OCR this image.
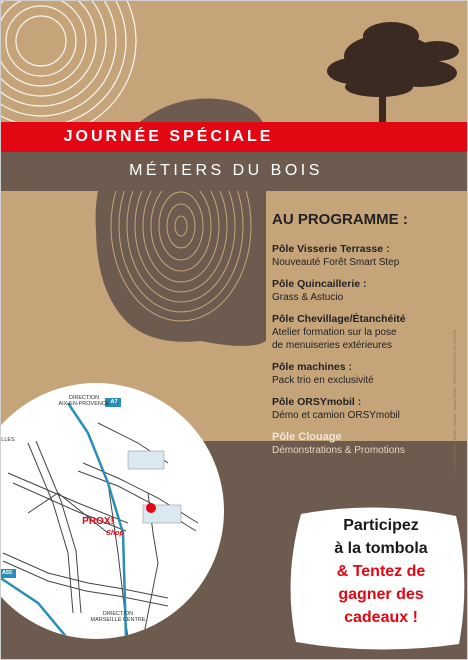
JOURNÉE SPÉCIALE
MÉTIERS DU BOIS
AU PROGRAMME :
Pôle Visserie Terrasse :
Nouveauté Forêt Smart Step
Pôle Quincaillerie :
Grass & Astucio
Pôle Chevillage/Étanchéité
Atelier formation sur la pose
de menuiseries extérieures
Pôle machines :
Pack trio en exclusivité
Pôle ORSYmobil :
Démo et camion ORSYmobil
Pôle Clouage
Démonstrations & Promotions	© Würth France · Photo : Fotolia · Studio Würth · REPRODUCTION INTERDITE
DIRECTION
AIX-EN-PROVENCE
DIRECTION
MARSEILLE CENTRE
A7
A55
LLES
PROX!
Shop	Participez
à la tombola
& Tentez de
gagner des
cadeaux !
